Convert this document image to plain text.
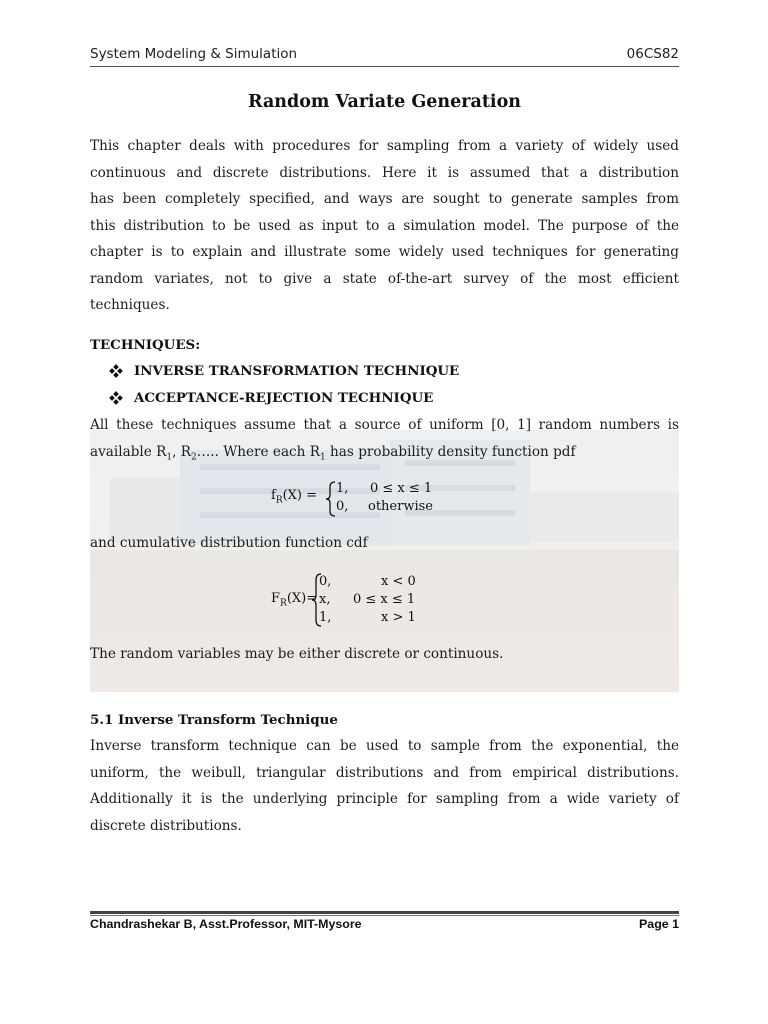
System Modeling & Simulation	06CS82
Random Variate Generation
This chapter deals with procedures for sampling from a variety of widely used
continuous and discrete distributions. Here it is assumed that a distribution
has been completely specified, and ways are sought to generate samples from
this distribution to be used as input to a simulation model. The purpose of the
chapter is to explain and illustrate some widely used techniques for generating
random variates, not to give a state of-the-art survey of the most efficient
techniques.
TECHNIQUES:
INVERSE TRANSFORMATION TECHNIQUE
ACCEPTANCE-REJECTION TECHNIQUE
All these techniques assume that a source of uniform [0, 1] random numbers is
available $R_1$, $R_2\dots$.. Where each $R_1$ has probability density function pdf
$f_R(X) = 1$, 0 ≤ x ≤ 1
0, otherwise
and cumulative distribution function cdf
$F_R(X)=$
0,	x < 0
x, 0 ≤ x ≤ 1
1,	x > 1
The random variables may be either discrete or continuous.
5.1 Inverse Transform Technique
Inverse transform technique can be used to sample from the exponential, the
uniform, the weibull, triangular distributions and from empirical distributions.
Additionally it is the underlying principle for sampling from a wide variety of
discrete distributions.
Chandrashekar B, Asst.Professor, MIT-Mysore	Page 1
